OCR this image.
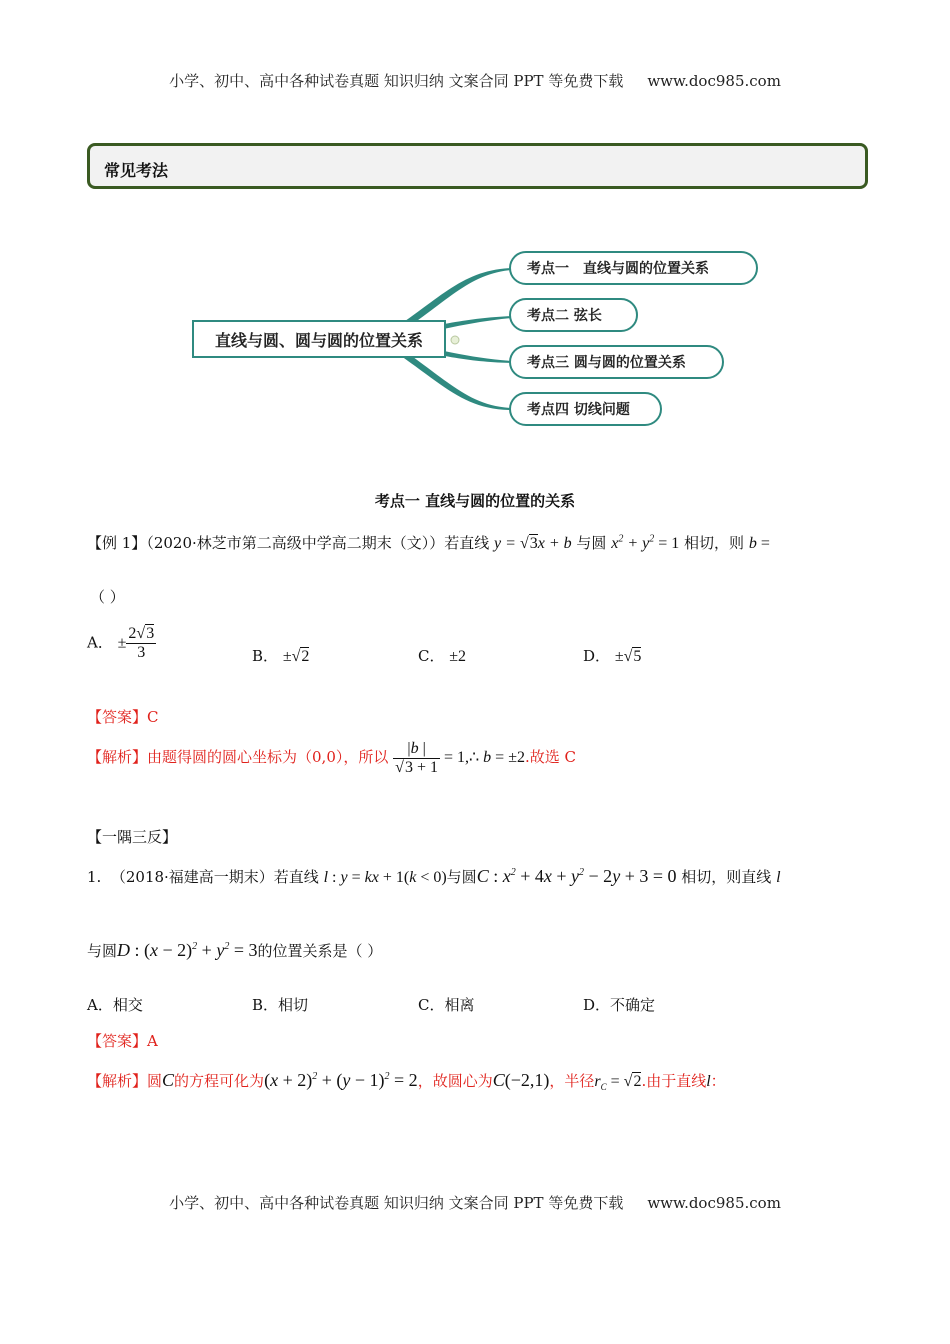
小学、初中、高中各种试卷真题 知识归纳 文案合同 PPT 等免费下载 www.doc985.com
常见考法
直线与圆、圆与圆的位置关系
考点一　直线与圆的位置关系
考点二 弦长
考点三 圆与圆的位置关系
考点四 切线问题
考点一 直线与圆的位置的关系
【例 1】（2020·林芝市第二高级中学高二期末（文））若直线 y = √3x + b 与圆 $x^2 + y^2 = 1$ 相切，则 b =
（ ）
A． ± $\frac{2√3}{3}$	B． ±√2	C． ±2	D． ±√5
【答案】C
【解析】由题得圆的圆心坐标为（0,0），所以 $\frac{|b |}{√3 + 1}$ = 1,∴ b = ±2.故选 C
【一隅三反】
1. （2018·福建高一期末）若直线 l : y = kx + 1(k < 0)与圆C : $x^2 + 4x + y^2 - 2y + 3 = 0$ 相切，则直线 l
与圆D : $(x - 2)^2 + y^2 = 3$的位置关系是（ ）
A．相交	B．相切	C．相离	D．不确定
【答案】A
【解析】圆C的方程可化为$(x + 2)^2 + (y - 1)^2 = 2$，故圆心为C(−2,1)，半径$r_C = √2$.由于直线l：
小学、初中、高中各种试卷真题 知识归纳 文案合同 PPT 等免费下载 www.doc985.com
